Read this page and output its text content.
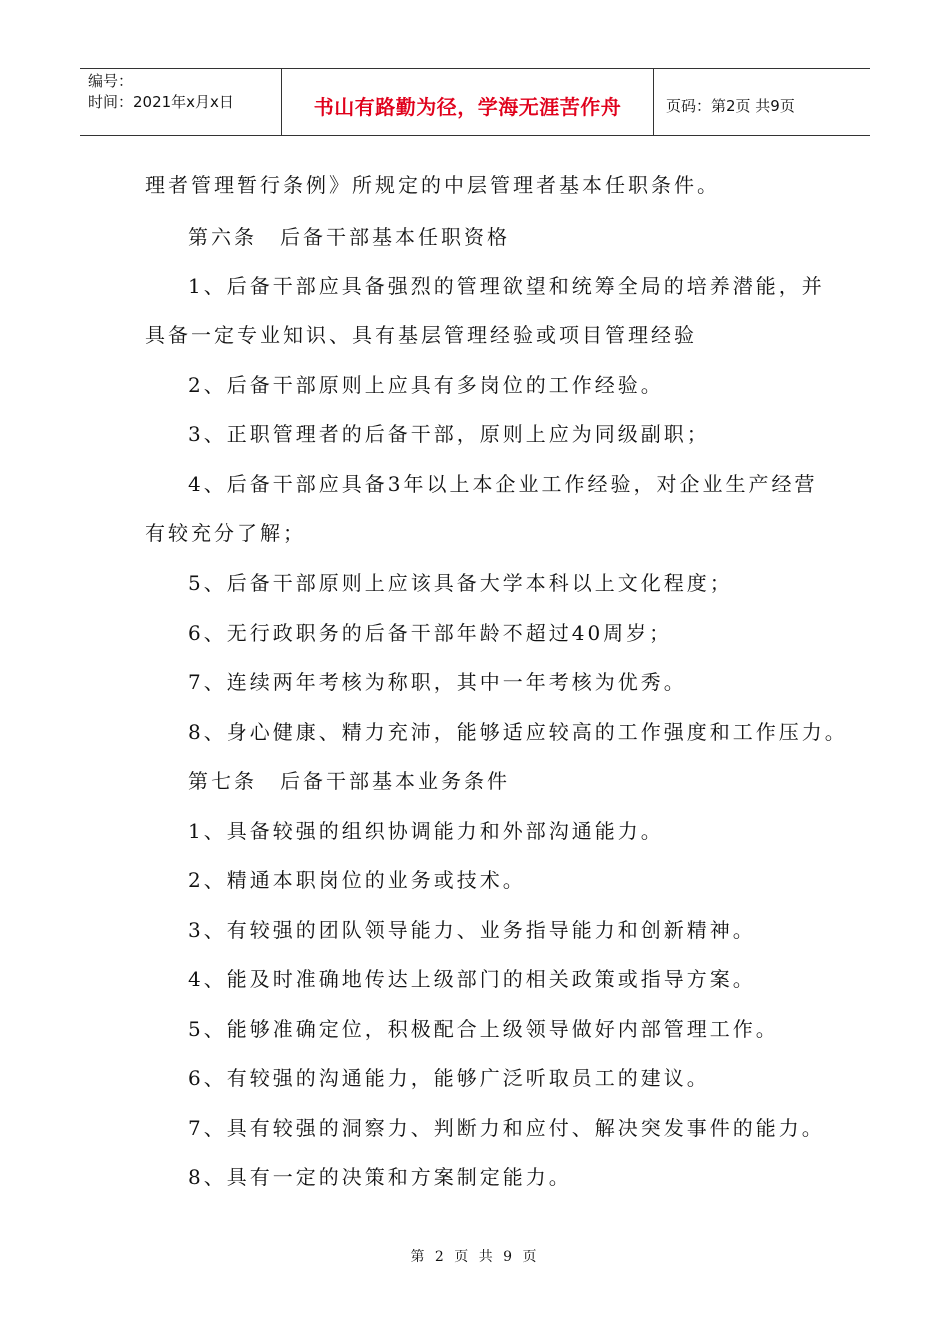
编号：
时间：2021年x月x日	书山有路勤为径，学海无涯苦作舟	页码：第2页 共9页
理者管理暂行条例》所规定的中层管理者基本任职条件。
第六条　后备干部基本任职资格
1、后备干部应具备强烈的管理欲望和统筹全局的培养潜能，并
具备一定专业知识、具有基层管理经验或项目管理经验
2、后备干部原则上应具有多岗位的工作经验。
3、正职管理者的后备干部，原则上应为同级副职；
4、后备干部应具备3年以上本企业工作经验，对企业生产经营
有较充分了解；
5、后备干部原则上应该具备大学本科以上文化程度；
6、无行政职务的后备干部年龄不超过40周岁；
7、连续两年考核为称职，其中一年考核为优秀。
8、身心健康、精力充沛，能够适应较高的工作强度和工作压力。
第七条　后备干部基本业务条件
1、具备较强的组织协调能力和外部沟通能力。
2、精通本职岗位的业务或技术。
3、有较强的团队领导能力、业务指导能力和创新精神。
4、能及时准确地传达上级部门的相关政策或指导方案。
5、能够准确定位，积极配合上级领导做好内部管理工作。
6、有较强的沟通能力，能够广泛听取员工的建议。
7、具有较强的洞察力、判断力和应付、解决突发事件的能力。
8、具有一定的决策和方案制定能力。
第 2 页 共 9 页
